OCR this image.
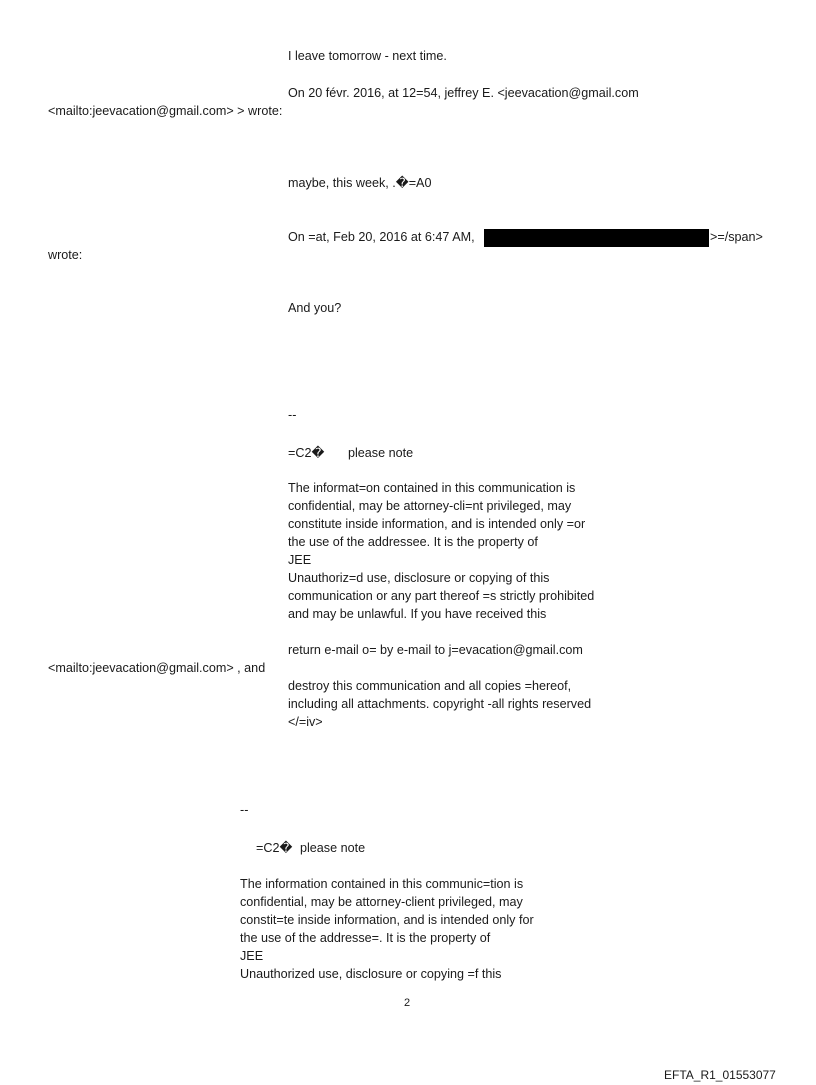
I leave tomorrow - next time.

On 20 févr. 2016, at 12=54, jeffrey E. <jeevacation@gmail.com

<mailto:jeevacation@gmail.com> > wrote:

maybe, this week, .�=A0

On =at, Feb 20, 2016 at 6:47 AM,	>=/span>

wrote:

And you?

--

=C2� please note

The informat=on contained in this communication is

confidential, may be attorney-cli=nt privileged, may

constitute inside information, and is intended only =or

the use of the addressee. It is the property of

JEE

Unauthoriz=d use, disclosure or copying of this

communication or any part thereof =s strictly prohibited

and may be unlawful. If you have received this

return e-mail o= by e-mail to j=evacation@gmail.com

<mailto:jeevacation@gmail.com> , and

destroy this communication and all copies =hereof,

including all attachments. copyright -all rights reserved

</=iv>

--

=C2� please note

The information contained in this communic=tion is

confidential, may be attorney-client privileged, may

constit=te inside information, and is intended only for

the use of the addresse=. It is the property of

JEE

Unauthorized use, disclosure or copying =f this

2

EFTA_R1_01553077
